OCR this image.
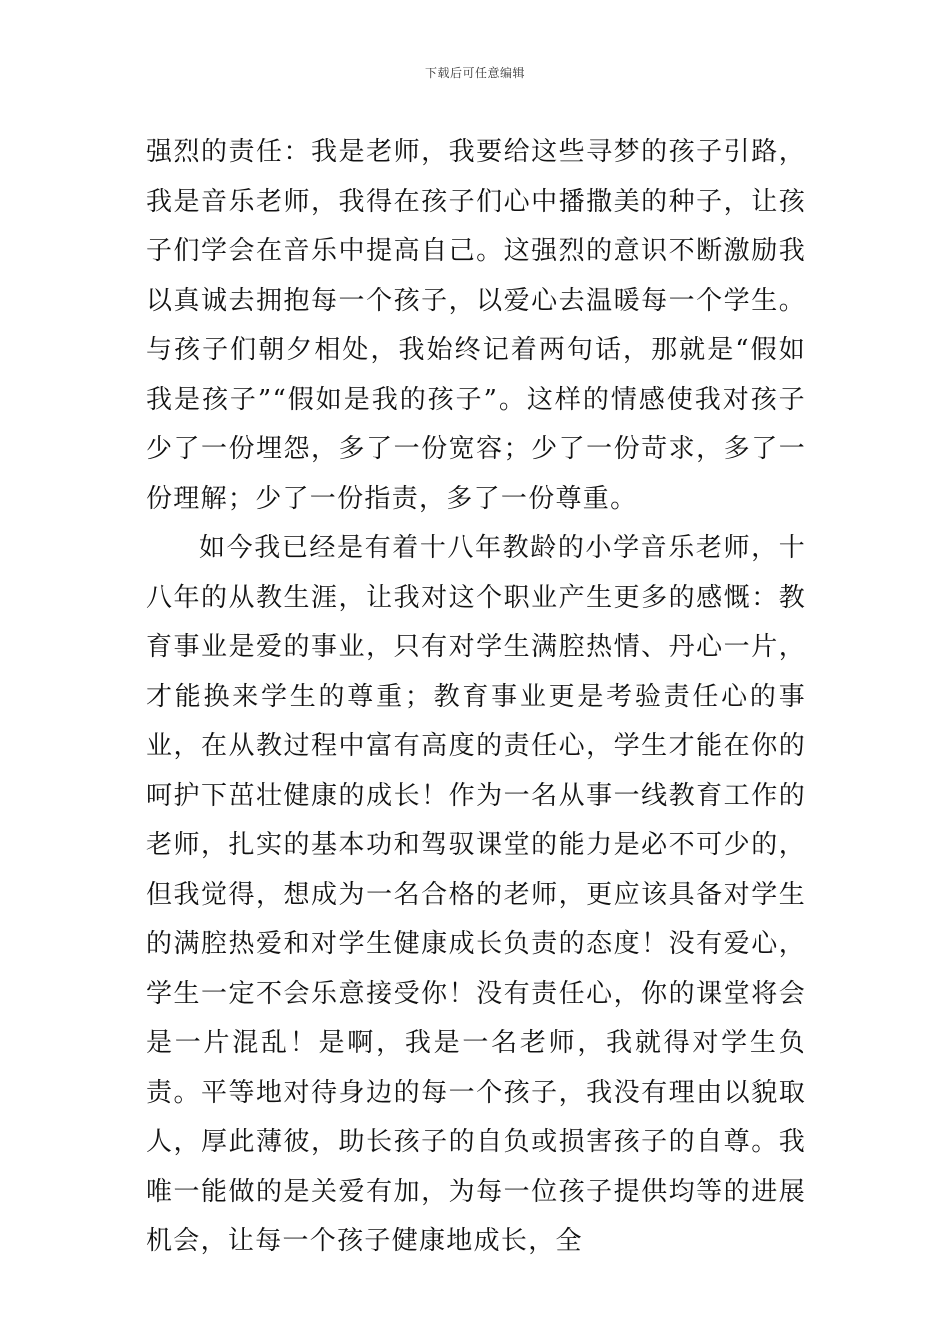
下载后可任意编辑

强烈的责任：我是老师，我要给这些寻梦的孩子引路，我是音乐老师，我得在孩子们心中播撒美的种子，让孩子们学会在音乐中提高自己。这强烈的意识不断激励我以真诚去拥抱每一个孩子，以爱心去温暖每一个学生。与孩子们朝夕相处，我始终记着两句话，那就是“假如 我是孩子”“假如是我的孩子”。这样的情感使我对孩子少了一份埋怨，多了一份宽容；少了一份苛求，多了一份理解；少了一份指责，多了一份尊重。

如今我已经是有着十八年教龄的小学音乐老师，十八年的从教生涯，让我对这个职业产生更多的感慨：教育事业是爱的事业，只有对学生满腔热情、丹心一片，才能换来学生的尊重；教育事业更是考验责任心的事业，在从教过程中富有高度的责任心，学生才能在你的呵护下茁壮健康的成长！作为一名从事一线教育工作的老师，扎实的基本功和驾驭课堂的能力是必不可少的，但我觉得，想成为一名合格的老师，更应该具备对学生的满腔热爱和对学生健康成长负责的态度！没有爱心，学生一定不会乐意接受你！没有责任心，你的课堂将会是一片混乱！是啊，我是一名老师，我就得对学生负责。平等地对待身边的每一个孩子，我没有理由以貌取人，厚此薄彼，助长孩子的自负或损害孩子的自尊。我唯一能做的是关爱有加，为每一位孩子提供均等的进展机会，让每一个孩子健康地成长，全
